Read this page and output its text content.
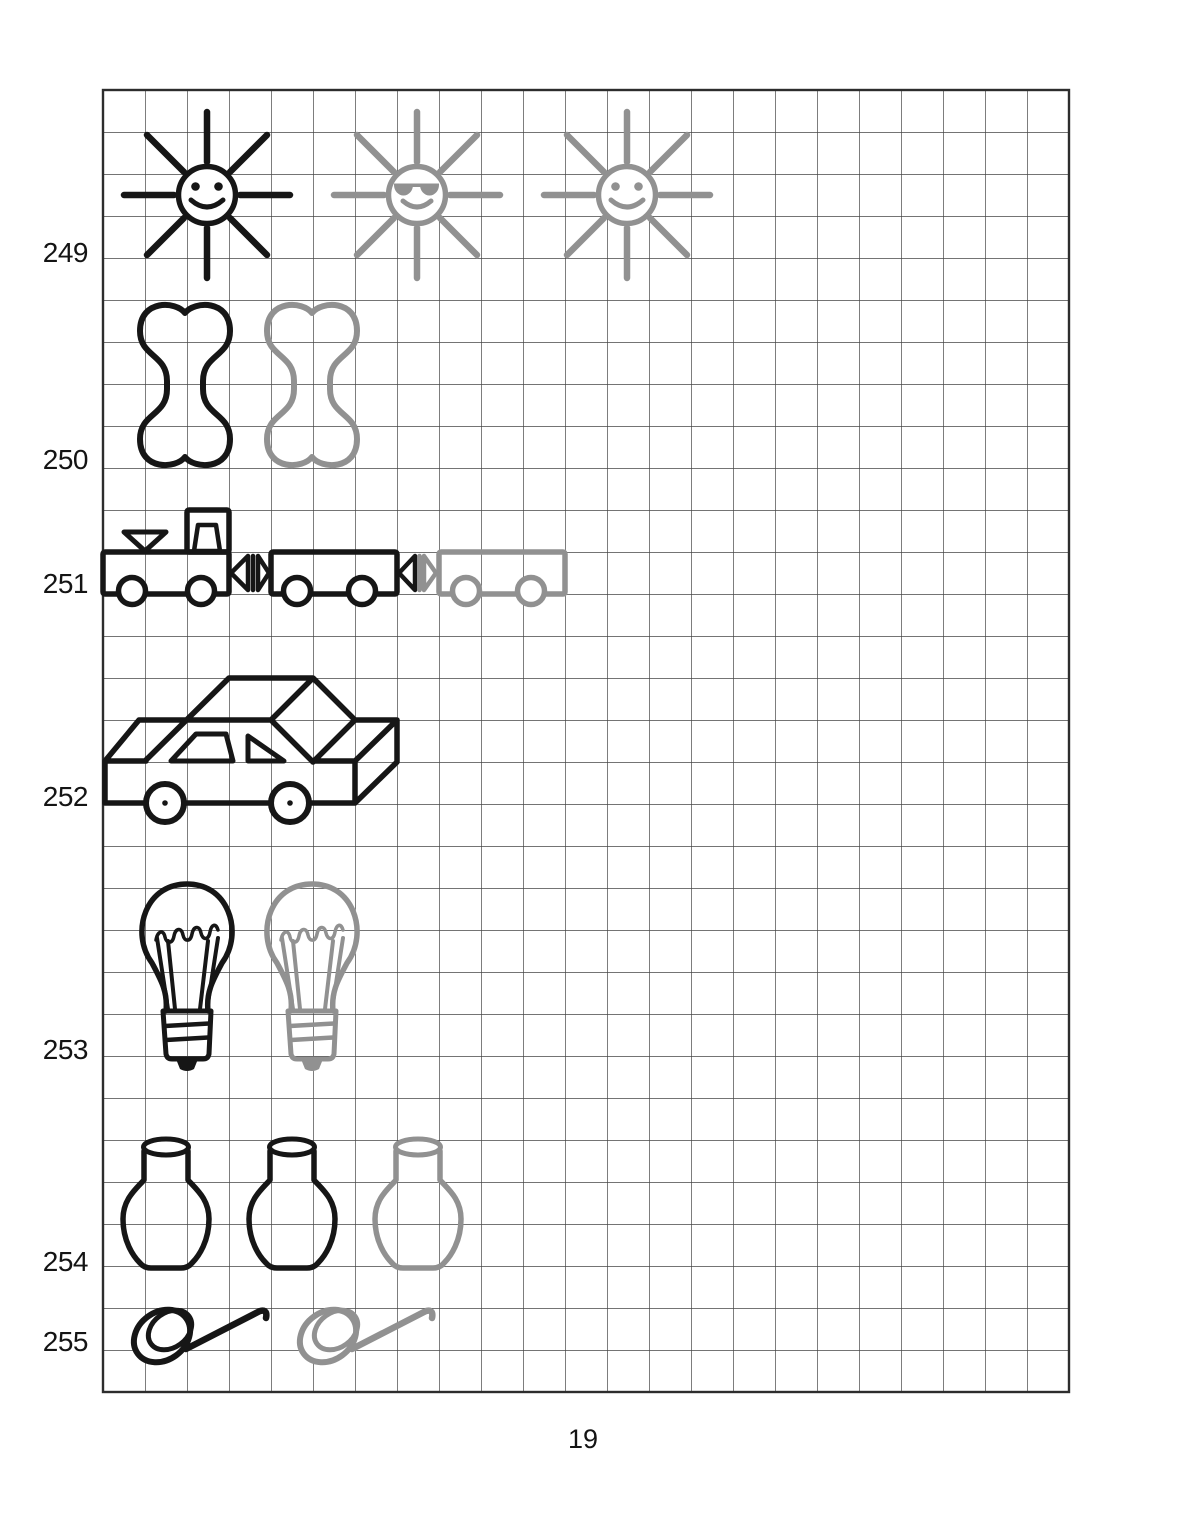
249
250
251
252
253
254
255
19
